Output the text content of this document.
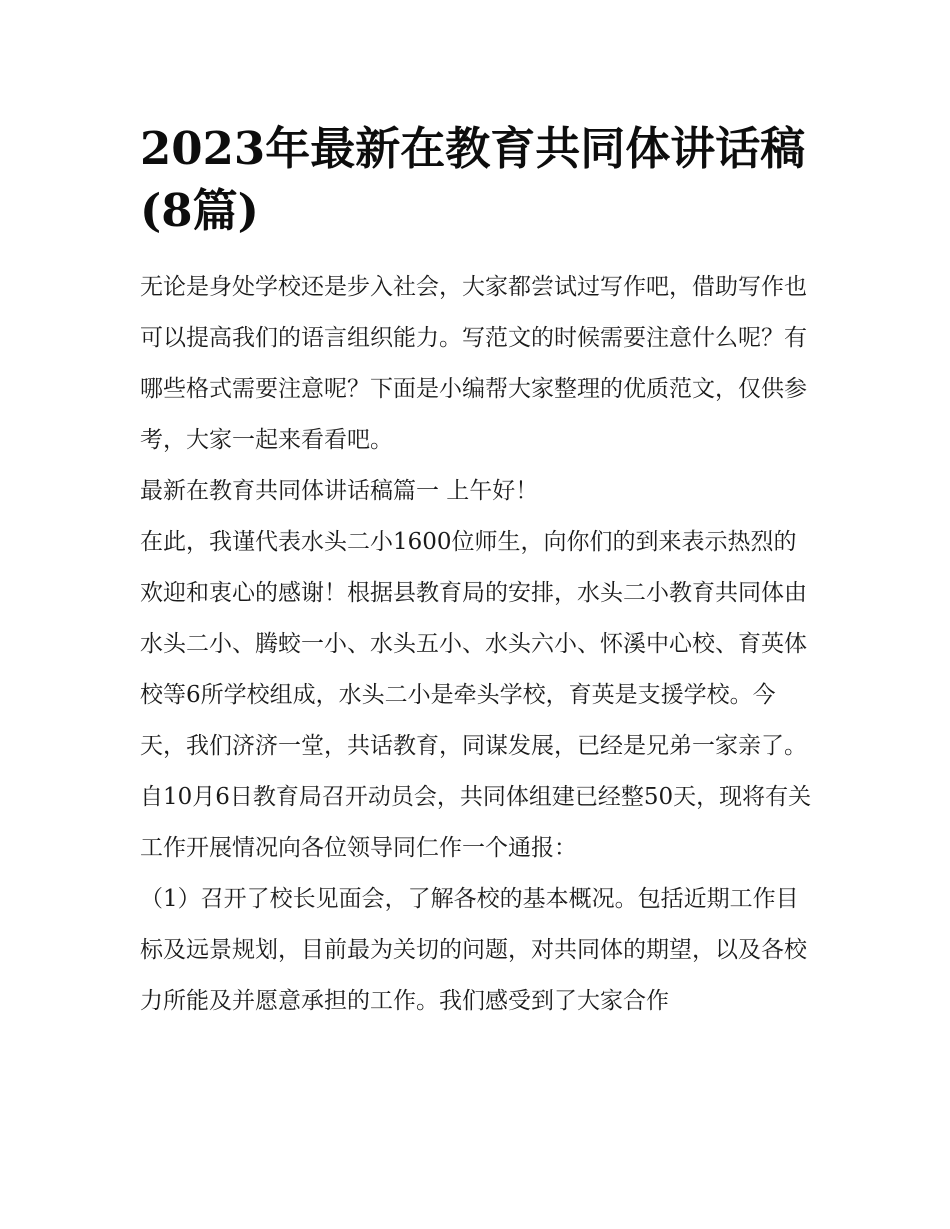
2023年最新在教育共同体讲话稿(8篇)

无论是身处学校还是步入社会，大家都尝试过写作吧，借助写作也可以提高我们的语言组织能力。写范文的时候需要注意什么呢？有哪些格式需要注意呢？下面是小编帮大家整理的优质范文，仅供参考，大家一起来看看吧。

最新在教育共同体讲话稿篇一 上午好！

在此，我谨代表水头二小1600位师生，向你们的到来表示热烈的欢迎和衷心的感谢！根据县教育局的安排，水头二小教育共同体由水头二小、腾蛟一小、水头五小、水头六小、怀溪中心校、育英体校等6所学校组成，水头二小是牵头学校，育英是支援学校。今天，我们济济一堂，共话教育，同谋发展，已经是兄弟一家亲了。

自10月6日教育局召开动员会，共同体组建已经整50天，现将有关工作开展情况向各位领导同仁作一个通报：

（1）召开了校长见面会，了解各校的基本概况。包括近期工作目标及远景规划，目前最为关切的问题，对共同体的期望，以及各校力所能及并愿意承担的工作。我们感受到了大家合作
